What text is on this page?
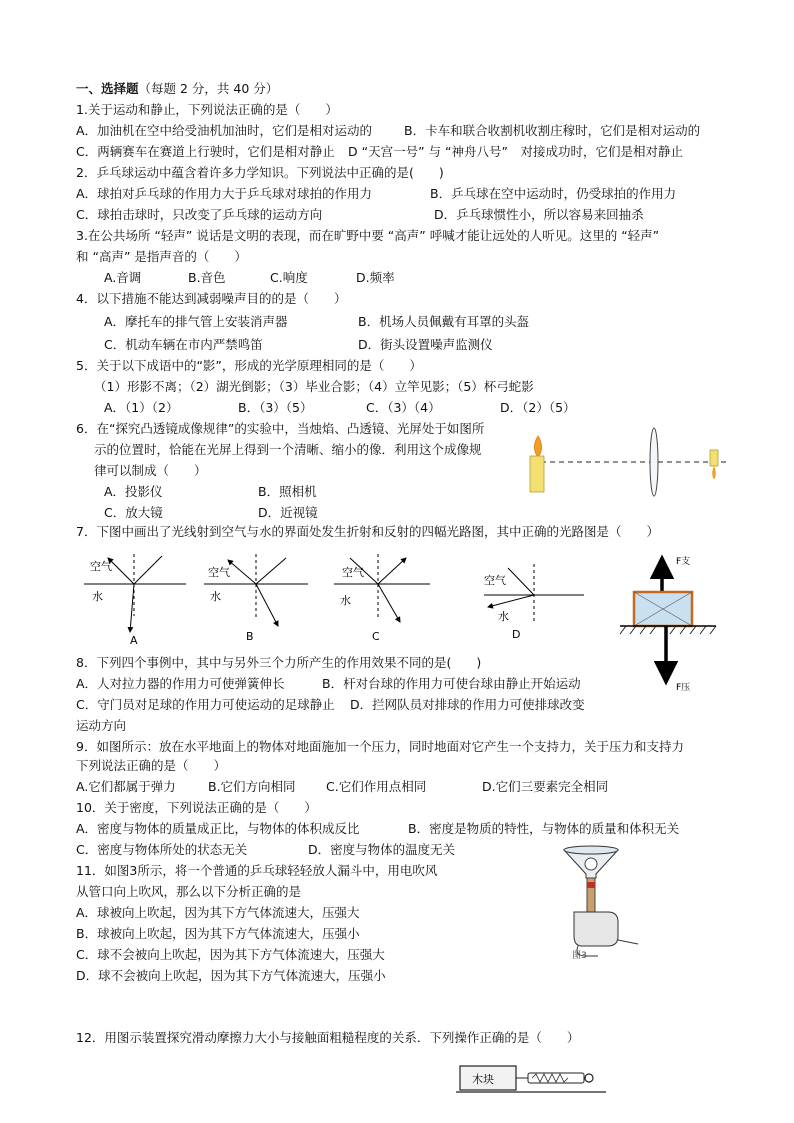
一、选择题（每题 2 分，共 40 分）
1.关于运动和静止，下列说法正确的是（　　）
A．加油机在空中给受油机加油时，它们是相对运动的	B．卡车和联合收割机收割庄稼时，它们是相对运动的
C．两辆赛车在赛道上行驶时，它们是相对静止 D “天宫一号” 与 “神舟八号”　对接成功时，它们是相对静止
2．乒乓球运动中蕴含着许多力学知识。下列说法中正确的是(　　)
A．球拍对乒乓球的作用力大于乒乓球对球拍的作用力	B．乒乓球在空中运动时，仍受球拍的作用力
C．球拍击球时，只改变了乒乓球的运动方向	D．乒乓球惯性小，所以容易来回抽杀
3.在公共场所 “轻声” 说话是文明的表现，而在旷野中要 “高声” 呼喊才能让远处的人听见。这里的 “轻声”
和 “高声” 是指声音的（　　）
A.音调	B.音色	C.响度	D.频率
4．以下措施不能达到减弱噪声目的的是（　　）
A．摩托车的排气管上安装消声器	B．机场人员佩戴有耳罩的头盔
C．机动车辆在市内严禁鸣笛	D．街头设置噪声监测仪
5．关于以下成语中的“影”，形成的光学原理相同的是（　　）
（1）形影不离；（2）湖光倒影；（3）毕业合影；（4）立竿见影；（5）杯弓蛇影
A．（1）（2）	B．（3）（5）	C．（3）（4）	D．（2）（5）
6．在“探究凸透镜成像规律”的实验中，当烛焰、凸透镜、光屏处于如图所
示的位置时，恰能在光屏上得到一个清晰、缩小的像．利用这个成像规
律可以制成（　　）
A．投影仪	B．照相机
C．放大镜	D．近视镜
7．下图中画出了光线射到空气与水的界面处发生折射和反射的四幅光路图，其中正确的光路图是（　　）
空气
水
A
空气
水
B
空气
水
C
空气
水
D
F支
F压
8．下列四个事例中，其中与另外三个力所产生的作用效果不同的是(　　)
A．人对拉力器的作用力可使弹簧伸长	B．杆对台球的作用力可使台球由静止开始运动
C．守门员对足球的作用力可使运动的足球静止 D．拦网队员对排球的作用力可使排球改变
运动方向
9．如图所示：放在水平地面上的物体对地面施加一个压力，同时地面对它产生一个支持力，关于压力和支持力
下列说法正确的是（　　）
A.它们都属于弹力	B.它们方向相同 C.它们作用点相同	D.它们三要素完全相同
10．关于密度，下列说法正确的是（　　）
A．密度与物体的质量成正比，与物体的体积成反比	B．密度是物质的特性，与物体的质量和体积无关
C．密度与物体所处的状态无关	D．密度与物体的温度无关
图3
11．如图3所示，将一个普通的乒乓球轻轻放人漏斗中，用电吹风
从管口向上吹风，那么以下分析正确的是
A．球被向上吹起，因为其下方气体流速大，压强大
B．球被向上吹起，因为其下方气体流速大，压强小
C．球不会被向上吹起，因为其下方气体流速大，压强大
D．球不会被向上吹起，因为其下方气体流速大，压强小
12．用图示装置探究滑动摩擦力大小与接触面粗糙程度的关系．下列操作正确的是（　　）
木块
